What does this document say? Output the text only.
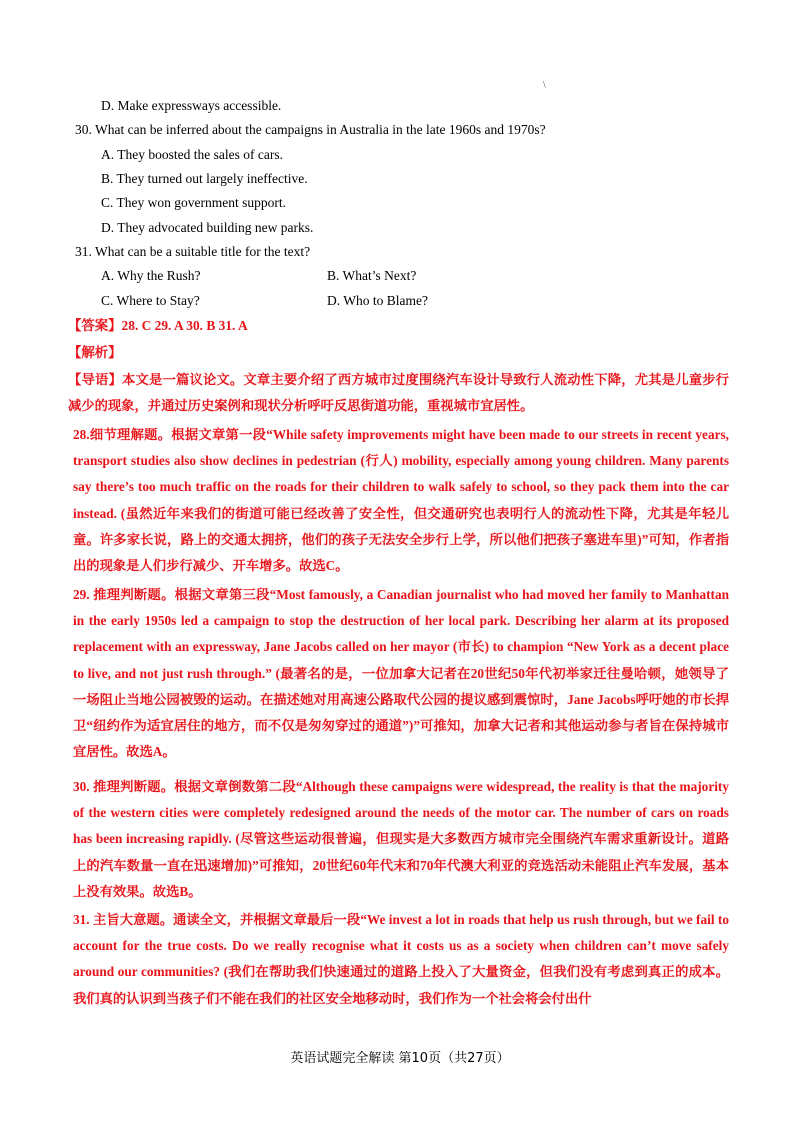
\
D. Make expressways accessible.
30. What can be inferred about the campaigns in Australia in the late 1960s and 1970s?
A. They boosted the sales of cars.
B. They turned out largely ineffective.
C. They won government support.
D. They advocated building new parks.
31. What can be a suitable title for the text?
A. Why the Rush?	B. What’s Next?
C. Where to Stay?	D. Who to Blame?
【答案】28. C 29. A 30. B 31. A
【解析】
【导语】本文是一篇议论文。文章主要介绍了西方城市过度围绕汽车设计导致行人流动性下降，尤其是儿童步行减少的现象，并通过历史案例和现状分析呼吁反思街道功能，重视城市宜居性。
28.细节理解题。根据文章第一段“While safety improvements might have been made to our streets in recent years, transport studies also show declines in pedestrian (行人) mobility, especially among young children. Many parents say there’s too much traffic on the roads for their children to walk safely to school, so they pack them into the car instead. (虽然近年来我们的街道可能已经改善了安全性，但交通研究也表明行人的流动性下降，尤其是年轻儿童。许多家长说，路上的交通太拥挤，他们的孩子无法安全步行上学，所以他们把孩子塞进车里)”可知，作者指出的现象是人们步行减少、开车增多。故选C。
29. 推理判断题。根据文章第三段“Most famously, a Canadian journalist who had moved her family to Manhattan in the early 1950s led a campaign to stop the destruction of her local park. Describing her alarm at its proposed replacement with an expressway, Jane Jacobs called on her mayor (市长) to champion “New York as a decent place to live, and not just rush through.” (最著名的是，一位加拿大记者在20世纪50年代初举家迁往曼哈顿，她领导了一场阻止当地公园被毁的运动。在描述她对用高速公路取代公园的提议感到震惊时，Jane Jacobs呼吁她的市长捍卫“纽约作为适宜居住的地方，而不仅是匆匆穿过的通道”)”可推知，加拿大记者和其他运动参与者旨在保持城市宜居性。故选A。
30. 推理判断题。根据文章倒数第二段“Although these campaigns were widespread, the reality is that the majority of the western cities were completely redesigned around the needs of the motor car. The number of cars on roads has been increasing rapidly. (尽管这些运动很普遍，但现实是大多数西方城市完全围绕汽车需求重新设计。道路上的汽车数量一直在迅速增加)”可推知，20世纪60年代末和70年代澳大利亚的竞选活动未能阻止汽车发展，基本上没有效果。故选B。
31. 主旨大意题。通读全文，并根据文章最后一段“We invest a lot in roads that help us rush through, but we fail to account for the true costs. Do we really recognise what it costs us as a society when children can’t move safely around our communities? (我们在帮助我们快速通过的道路上投入了大量资金，但我们没有考虑到真正的成本。我们真的认识到当孩子们不能在我们的社区安全地移动时，我们作为一个社会将会付出什
英语试题完全解读 第10页（共27页）
